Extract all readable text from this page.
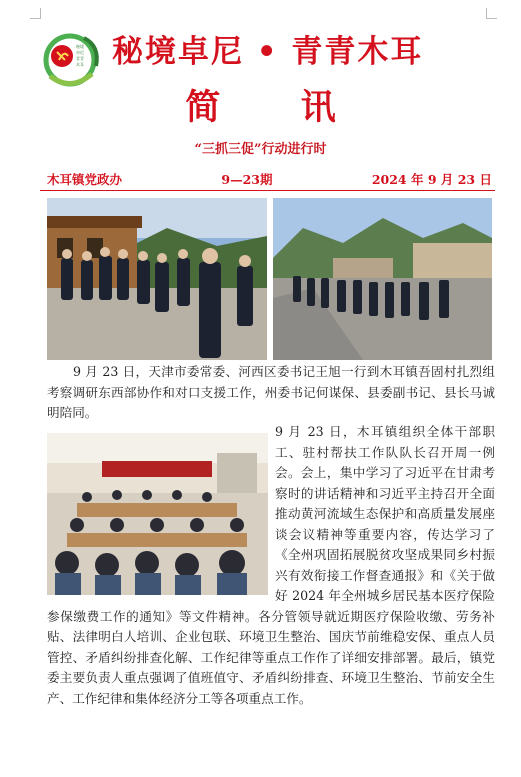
秘境
卓尼
青青
木耳 秘境卓尼 • 青青木耳
简 讯
“三抓三促”行动进行时
木耳镇党政办	9—23期	2024 年 9 月 23 日

9 月 23 日，天津市委常委、河西区委书记王旭一行到木耳镇吾固村扎烈组考察调研东西部协作和对口支援工作，州委书记何谋保、县委副书记、县长马诚明陪同。

9 月 23 日，木耳镇组织全体干部职工、驻村帮扶工作队队长召开周一例会。会上，集中学习了习近平在甘肃考察时的讲话精神和习近平主持召开全面推动黄河流域生态保护和高质量发展座谈会议精神等重要内容，传达学习了《全州巩固拓展脱贫攻坚成果同乡村振兴有效衔接工作督查通报》和《关于做好 2024 年全州城乡居民基本医疗保险参保缴费工作的通知》等文件精神。各分管领导就近期医疗保险收缴、劳务补贴、法律明白人培训、企业包联、环境卫生整治、国庆节前维稳安保、重点人员管控、矛盾纠纷排查化解、工作纪律等重点工作作了详细安排部署。最后，镇党委主要负责人重点强调了值班值守、矛盾纠纷排查、环境卫生整治、节前安全生产、工作纪律和集体经济分工等各项重点工作。
